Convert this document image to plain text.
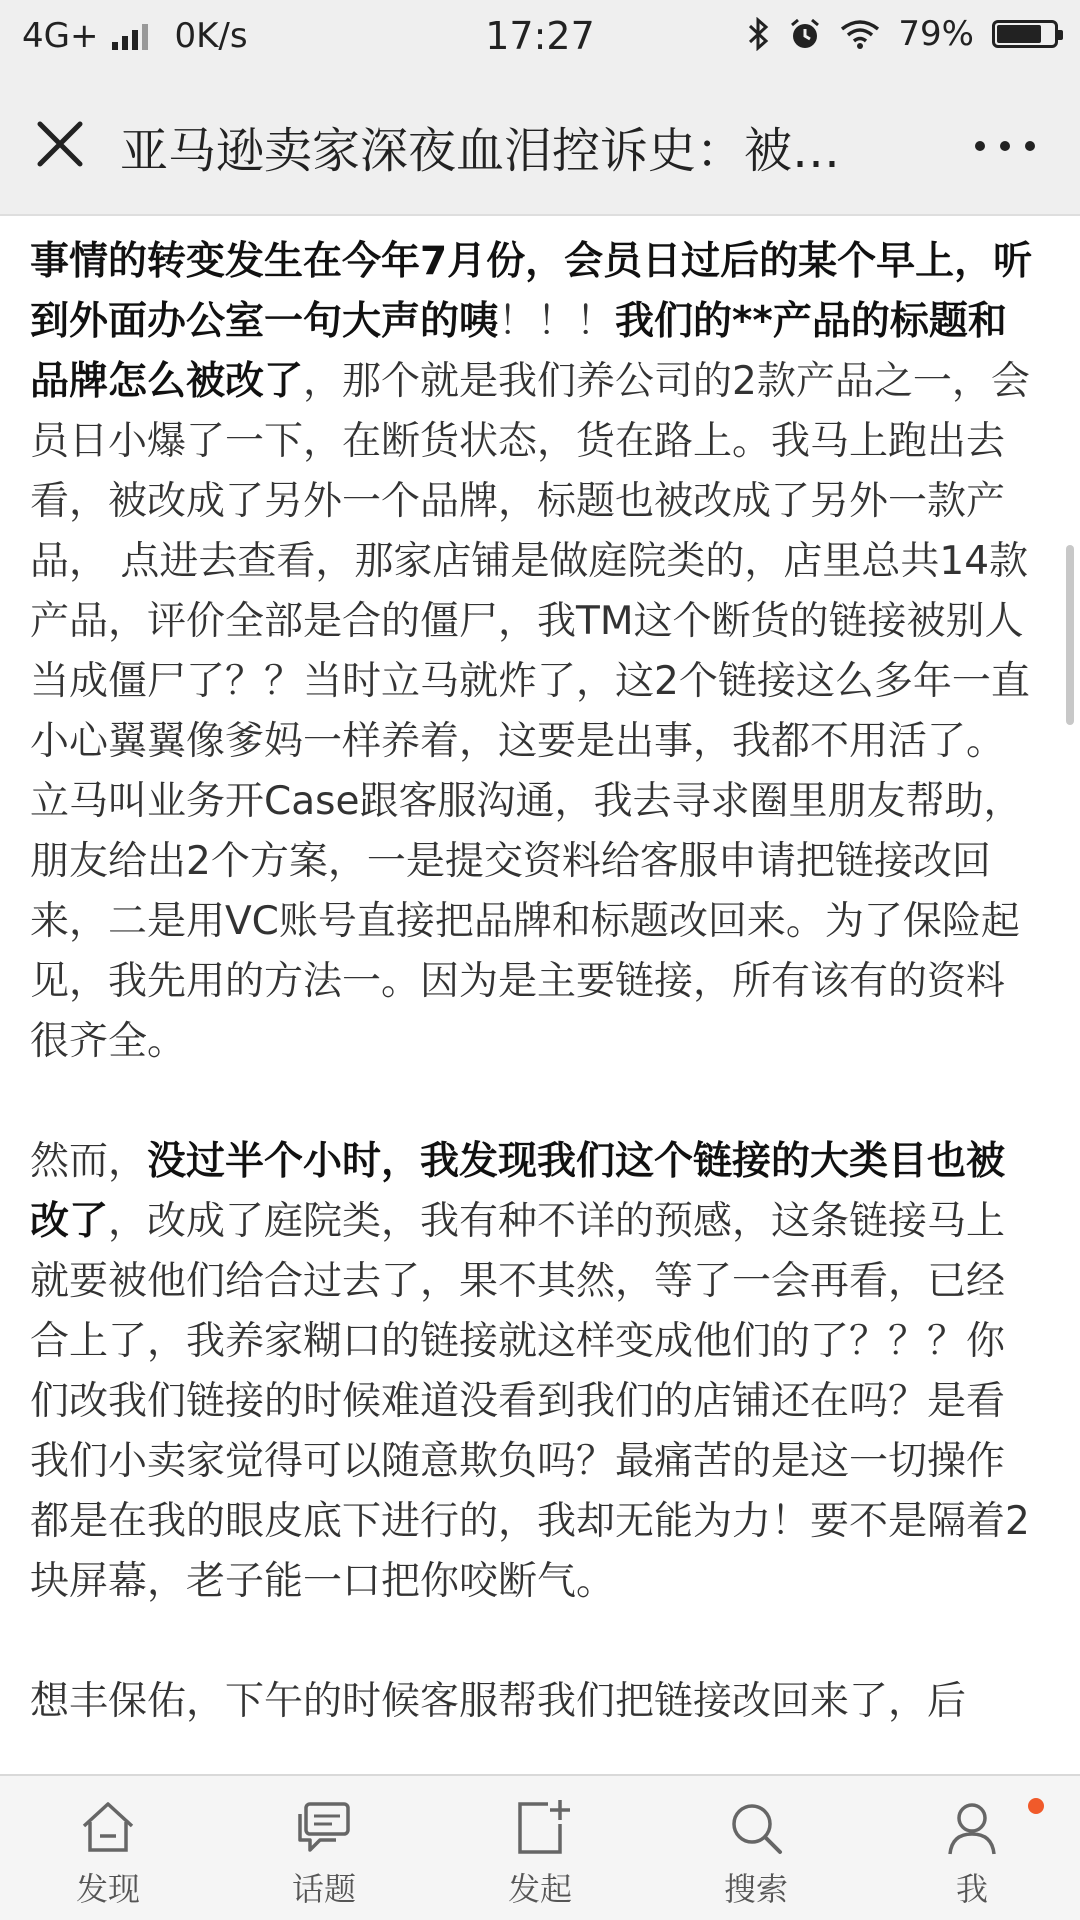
4G+ 0K/s	17:27	79%
亚马逊卖家深夜血泪控诉史：被…

事情的转变发生在今年7月份，会员日过后的某个早上，听到外面办公室一句大声的咦！！！我们的**产品的标题和品牌怎么被改了，那个就是我们养公司的2款产品之一，会员日小爆了一下，在断货状态，货在路上。我马上跑出去看，被改成了另外一个品牌，标题也被改成了另外一款产品， 点进去查看，那家店铺是做庭院类的，店里总共14款产品，评价全部是合的僵尸，我TM这个断货的链接被别人当成僵尸了？？当时立马就炸了，这2个链接这么多年一直小心翼翼像爹妈一样养着，这要是出事，我都不用活了。立马叫业务开Case跟客服沟通，我去寻求圈里朋友帮助，朋友给出2个方案，一是提交资料给客服申请把链接改回来，二是用VC账号直接把品牌和标题改回来。为了保险起见，我先用的方法一。因为是主要链接，所有该有的资料很齐全。

然而，没过半个小时，我发现我们这个链接的大类目也被改了，改成了庭院类，我有种不详的预感，这条链接马上就要被他们给合过去了，果不其然，等了一会再看，已经合上了，我养家糊口的链接就这样变成他们的了？？？你们改我们链接的时候难道没看到我们的店铺还在吗？是看我们小卖家觉得可以随意欺负吗？最痛苦的是这一切操作都是在我的眼皮底下进行的，我却无能为力！要不是隔着2块屏幕，老子能一口把你咬断气。

想丰保佑，下午的时候客服帮我们把链接改回来了，后

发现	话题	发起	搜索	我
